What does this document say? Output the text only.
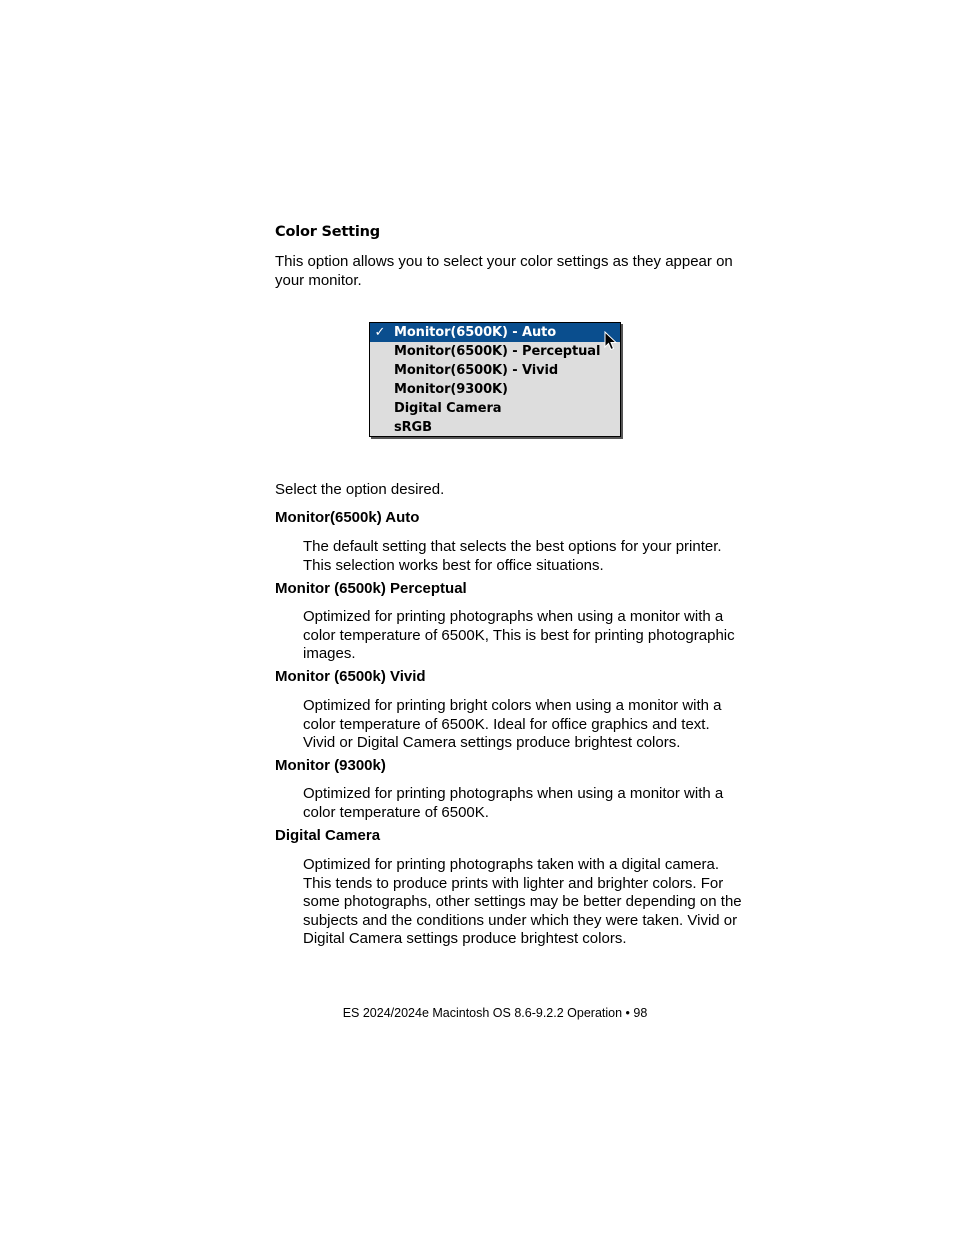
Color Setting
This option allows you to select your color settings as they appear on your monitor.
✓ Monitor(6500K) - Auto
Monitor(6500K) - Perceptual
Monitor(6500K) - Vivid
Monitor(9300K)
Digital Camera
sRGB
Select the option desired.
Monitor(6500k) Auto
The default setting that selects the best options for your printer. This selection works best for office situations.
Monitor (6500k) Perceptual
Optimized for printing photographs when using a monitor with a color temperature of 6500K, This is best for printing photographic images.
Monitor (6500k) Vivid
Optimized for printing bright colors when using a monitor with a color temperature of 6500K. Ideal for office graphics and text. Vivid or Digital Camera settings produce brightest colors.
Monitor (9300k)
Optimized for printing photographs when using a monitor with a color temperature of 6500K.
Digital Camera
Optimized for printing photographs taken with a digital camera. This tends to produce prints with lighter and brighter colors. For some photographs, other settings may be better depending on the subjects and the conditions under which they were taken. Vivid or Digital Camera settings produce brightest colors.
ES 2024/2024e Macintosh OS 8.6-9.2.2 Operation • 98
